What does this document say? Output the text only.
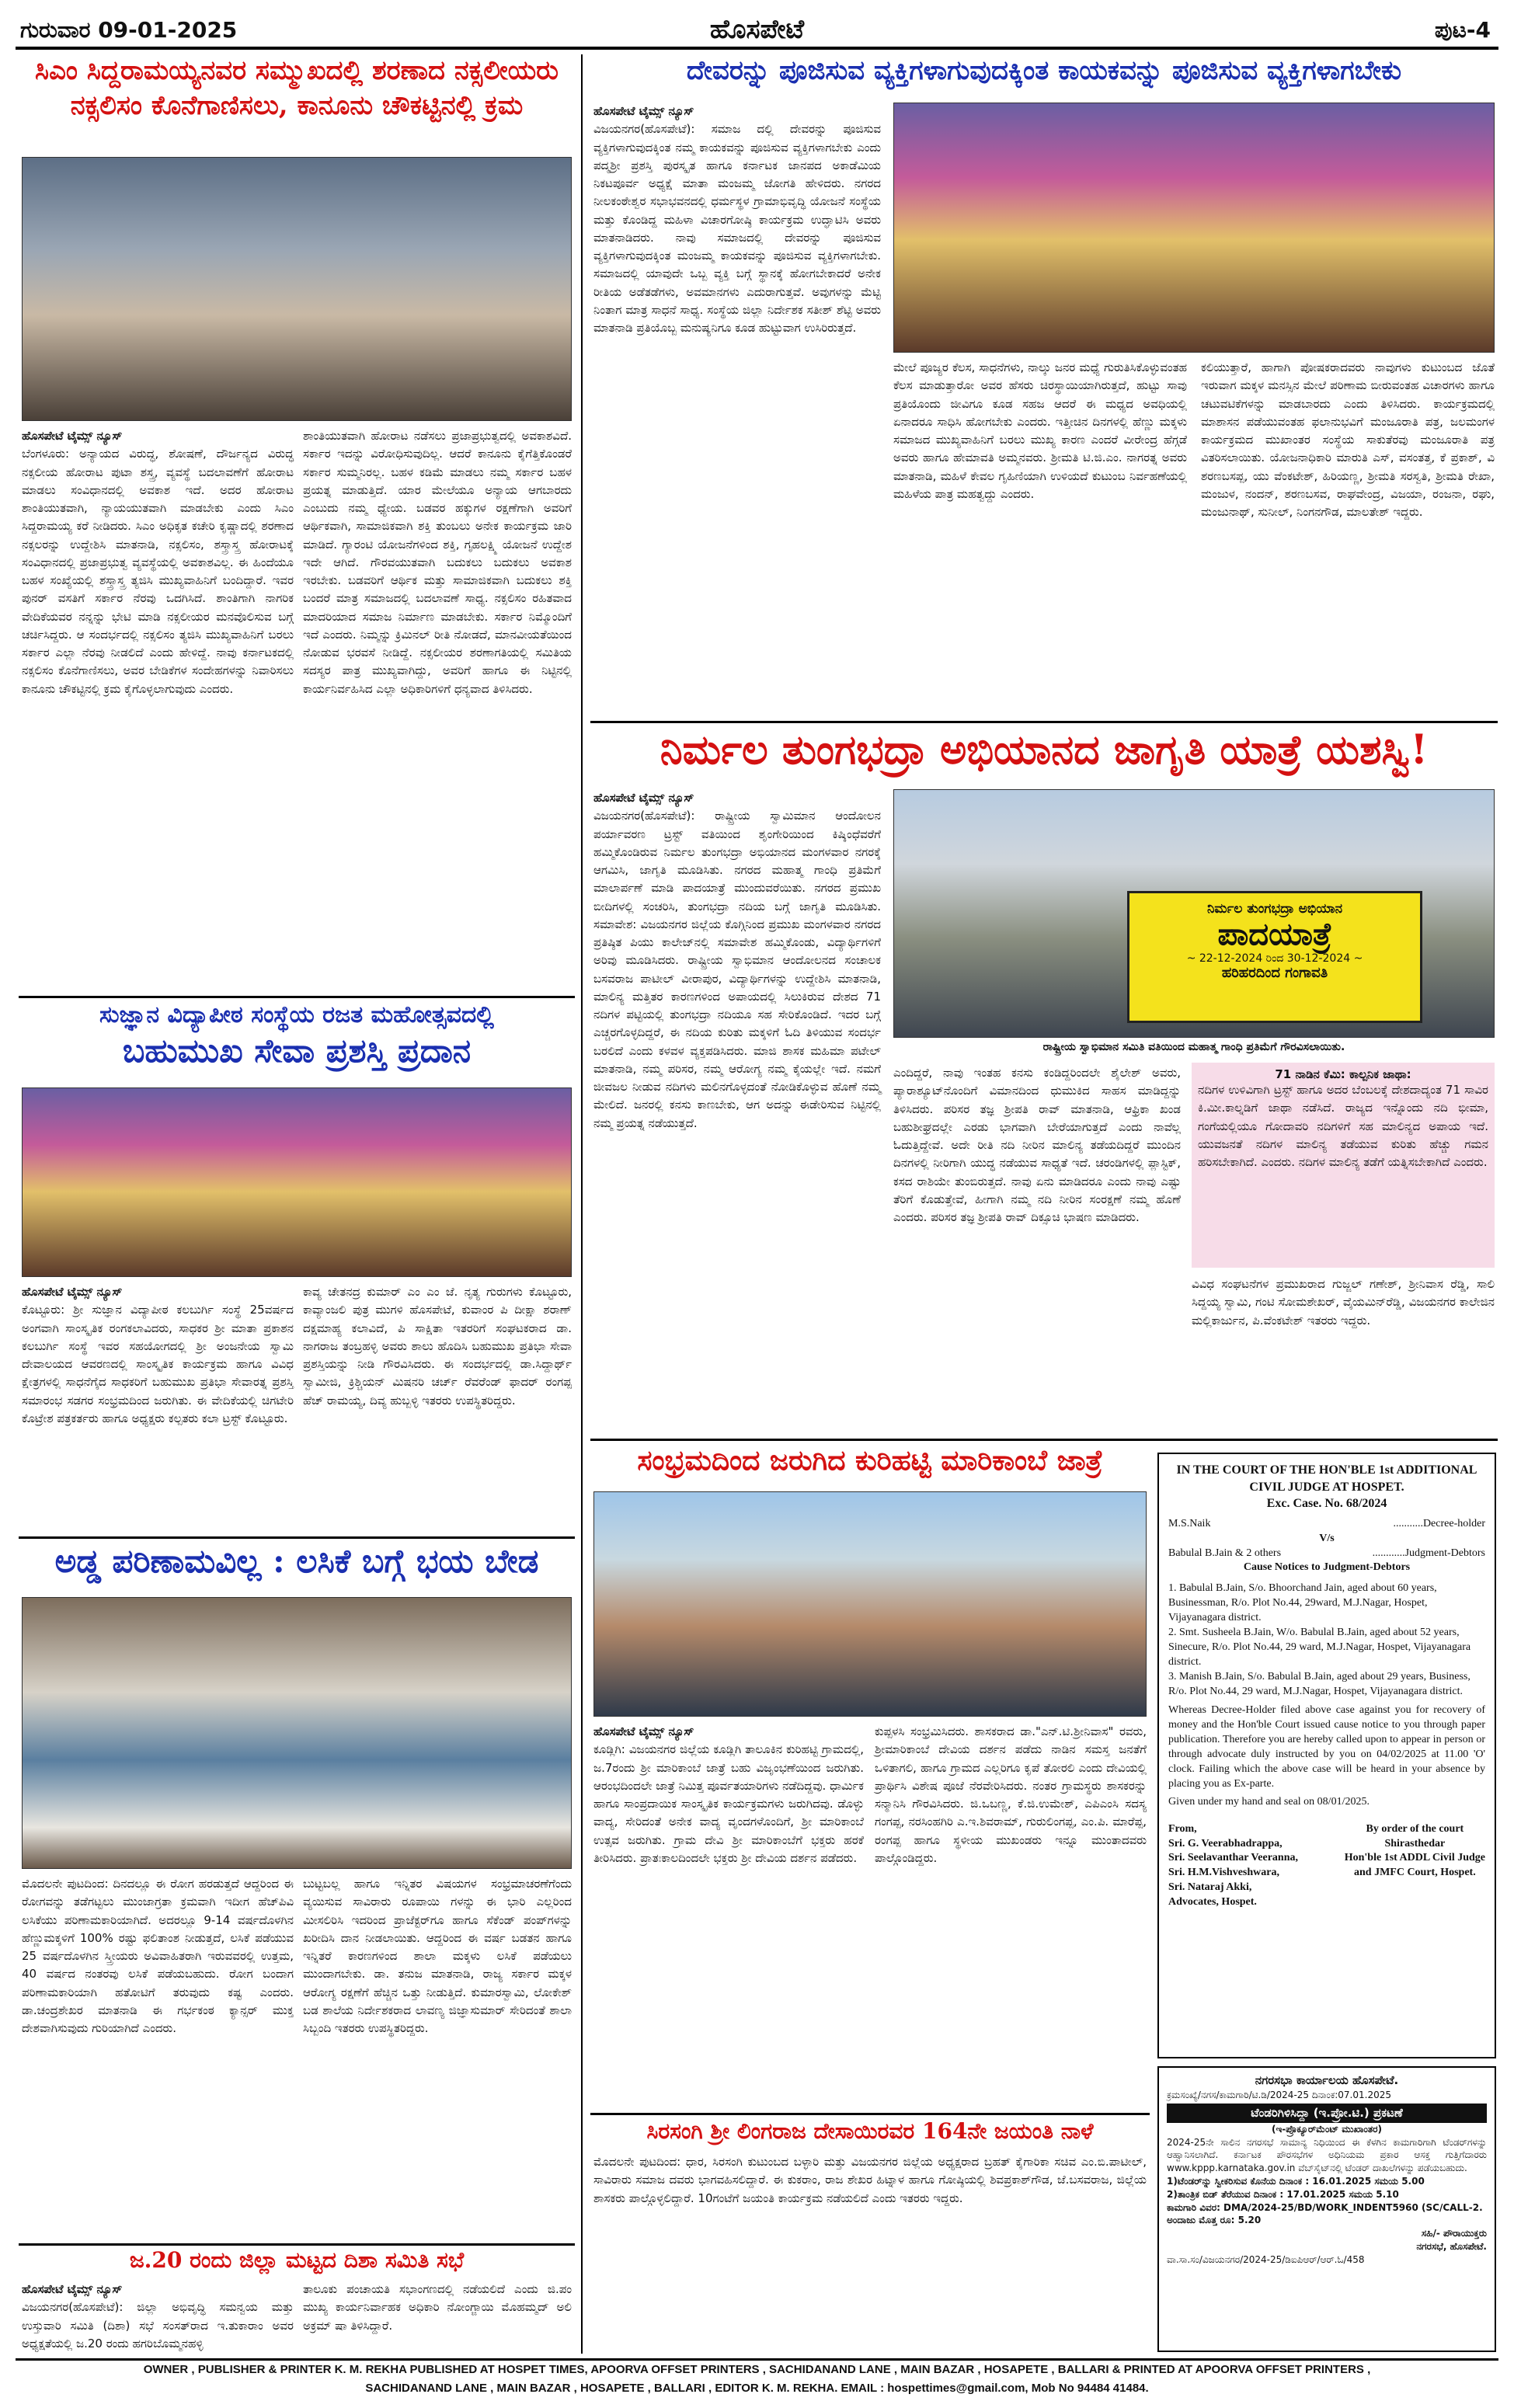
ಗುರುವಾರ 09-01-2025	ಹೊಸಪೇಟೆ	ಪುಟ-4
ಸಿಎಂ ಸಿದ್ದರಾಮಯ್ಯನವರ ಸಮ್ಮುಖದಲ್ಲಿ ಶರಣಾದ ನಕ್ಸಲೀಯರು
ನಕ್ಸಲಿಸಂ ಕೊನೆಗಾಣಿಸಲು, ಕಾನೂನು ಚೌಕಟ್ಟಿನಲ್ಲಿ ಕ್ರಮ
ಹೊಸಪೇಟೆ ಟೈಮ್ಸ್ ನ್ಯೂಸ್

ಬೆಂಗಳೂರು: ಅನ್ಯಾಯದ ವಿರುದ್ಧ, ಶೋಷಣೆ, ದೌರ್ಜನ್ಯದ ವಿರುದ್ಧ ನಕ್ಸಲೀಯ ಹೋರಾಟ ಪುಟಾ ಶಸ್ತ್ರ, ವ್ಯವಸ್ಥೆ ಬದಲಾವಣೆಗೆ ಹೋರಾಟ ಮಾಡಲು ಸಂವಿಧಾನದಲ್ಲಿ ಅವಕಾಶ ಇದೆ. ಅದರ ಹೋರಾಟ ಶಾಂತಿಯುತವಾಗಿ, ನ್ಯಾಯಯುತವಾಗಿ ಮಾಡಬೇಕು ಎಂದು ಸಿಎಂ ಸಿದ್ದರಾಮಯ್ಯ ಕರೆ ನೀಡಿದರು. ಸಿಎಂ ಅಧಿಕೃತ ಕಚೇರಿ ಕೃಷ್ಣಾದಲ್ಲಿ ಶರಣಾದ ನಕ್ಸಲರನ್ನು ಉದ್ದೇಶಿಸಿ ಮಾತನಾಡಿ, ನಕ್ಸಲಿಸಂ, ಶಸ್ತ್ರಾಸ್ತ್ರ ಹೋರಾಟಕ್ಕೆ ಸಂವಿಧಾನದಲ್ಲಿ ಪ್ರಜಾಪ್ರಭುತ್ವ ವ್ಯವಸ್ಥೆಯಲ್ಲಿ ಅವಕಾಶವಿಲ್ಲ. ಈ ಹಿಂದೆಯೂ ಬಹಳ ಸಂಖ್ಯೆಯಲ್ಲಿ ಶಸ್ತ್ರಾಸ್ತ್ರ ತ್ಯಜಿಸಿ ಮುಖ್ಯವಾಹಿನಿಗೆ ಬಂದಿದ್ದಾರೆ. ಇವರ ಪುನರ್ ವಸತಿಗೆ ಸರ್ಕಾರ ನೆರವು ಒದಗಿಸಿದೆ. ಶಾಂತಿಗಾಗಿ ನಾಗರಿಕ ವೇದಿಕೆಯವರ ನನ್ನನ್ನು ಭೇಟಿ ಮಾಡಿ ನಕ್ಸಲೀಯರ ಮನವೊಲಿಸುವ ಬಗ್ಗೆ ಚರ್ಚಿಸಿದ್ದರು. ಆ ಸಂದರ್ಭದಲ್ಲಿ ನಕ್ಸಲಿಸಂ ತ್ಯಜಿಸಿ ಮುಖ್ಯವಾಹಿನಿಗೆ ಬರಲು ಸರ್ಕಾರ ಎಲ್ಲಾ ನೆರವು ನೀಡಲಿದೆ ಎಂದು ಹೇಳಿದ್ದೆ. ನಾವು ಕರ್ನಾಟಕದಲ್ಲಿ ನಕ್ಸಲಿಸಂ ಕೊನೆಗಾಣಿಸಲು, ಅವರ ಬೇಡಿಕೆಗಳ ಸಂದೇಹಗಳನ್ನು ನಿವಾರಿಸಲು ಕಾನೂನು ಚೌಕಟ್ಟಿನಲ್ಲಿ ಕ್ರಮ ಕೈಗೊಳ್ಳಲಾಗುವುದು ಎಂದರು.

ಶಾಂತಿಯುತವಾಗಿ ಹೋರಾಟ ನಡೆಸಲು ಪ್ರಜಾಪ್ರಭುತ್ವದಲ್ಲಿ ಅವಕಾಶವಿದೆ. ಸರ್ಕಾರ ಇದನ್ನು ವಿರೋಧಿಸುವುದಿಲ್ಲ. ಆದರೆ ಕಾನೂನು ಕೈಗೆತ್ತಿಕೊಂಡರೆ ಸರ್ಕಾರ ಸುಮ್ಮನಿರಲ್ಲ. ಬಹಳ ಕಡಿಮೆ ಮಾಡಲು ನಮ್ಮ ಸರ್ಕಾರ ಬಹಳ ಪ್ರಯತ್ನ ಮಾಡುತ್ತಿದೆ. ಯಾರ ಮೇಲೆಯೂ ಅನ್ಯಾಯ ಆಗಬಾರದು ಎಂಬುದು ನಮ್ಮ ಧ್ಯೇಯ. ಬಡವರ ಹಕ್ಕುಗಳ ರಕ್ಷಣೆಗಾಗಿ ಅವರಿಗೆ ಆರ್ಥಿಕವಾಗಿ, ಸಾಮಾಜಿಕವಾಗಿ ಶಕ್ತಿ ತುಂಬಲು ಅನೇಕ ಕಾರ್ಯಕ್ರಮ ಜಾರಿ ಮಾಡಿದೆ. ಗ್ಯಾರಂಟಿ ಯೋಜನೆಗಳಿಂದ ಶಕ್ತಿ, ಗೃಹಲಕ್ಷ್ಮಿ ಯೋಜನೆ ಉದ್ದೇಶ ಇದೇ ಆಗಿದೆ. ಗೌರವಯುತವಾಗಿ ಬದುಕಲು ಬದುಕಲು ಅವಕಾಶ ಇರಬೇಕು. ಬಡವರಿಗೆ ಆರ್ಥಿಕ ಮತ್ತು ಸಾಮಾಜಿಕವಾಗಿ ಬದುಕಲು ಶಕ್ತಿ ಬಂದರೆ ಮಾತ್ರ ಸಮಾಜದಲ್ಲಿ ಬದಲಾವಣೆ ಸಾಧ್ಯ. ನಕ್ಸಲಿಸಂ ರಹಿತವಾದ ಮಾದರಿಯಾದ ಸಮಾಜ ನಿರ್ಮಾಣ ಮಾಡಬೇಕು. ಸರ್ಕಾರ ನಿಮ್ಮೊಂದಿಗೆ ಇದೆ ಎಂದರು. ನಿಮ್ಮನ್ನು ಕ್ರಿಮಿನಲ್ ರೀತಿ ನೋಡದೆ, ಮಾನವೀಯತೆಯಿಂದ ನೋಡುವ ಭರವಸೆ ನೀಡಿದ್ದೆ. ನಕ್ಸಲೀಯರ ಶರಣಾಗತಿಯಲ್ಲಿ ಸಮಿತಿಯ ಸದಸ್ಯರ ಪಾತ್ರ ಮುಖ್ಯವಾಗಿದ್ದು, ಅವರಿಗೆ ಹಾಗೂ ಈ ನಿಟ್ಟಿನಲ್ಲಿ ಕಾರ್ಯನಿರ್ವಹಿಸಿದ ಎಲ್ಲಾ ಅಧಿಕಾರಿಗಳಿಗೆ ಧನ್ಯವಾದ ತಿಳಿಸಿದರು.

ಸುಜ್ಞಾನ ವಿದ್ಯಾಪೀಠ ಸಂಸ್ಥೆಯ ರಜತ ಮಹೋತ್ಸವದಲ್ಲಿ
ಬಹುಮುಖ ಸೇವಾ ಪ್ರಶಸ್ತಿ ಪ್ರದಾನ
ಹೊಸಪೇಟೆ ಟೈಮ್ಸ್ ನ್ಯೂಸ್

ಕೊಟ್ಟೂರು: ಶ್ರೀ ಸುಜ್ಞಾನ ವಿದ್ಯಾಪೀಠ ಕಲಬುರ್ಗಿ ಸಂಸ್ಥೆ 25ವರ್ಷದ ಅಂಗವಾಗಿ ಸಾಂಸ್ಕೃತಿಕ ರಂಗಕಲಾವಿದರು, ಸಾಧಕರ ಶ್ರೀ ಮಾತಾ ಪ್ರಕಾಶನ ಕಲಬುರ್ಗಿ ಸಂಸ್ಥೆ ಇವರ ಸಹಯೋಗದಲ್ಲಿ ಶ್ರೀ ಅಂಜನೇಯ ಸ್ವಾಮಿ ದೇವಾಲಯದ ಆವರಣದಲ್ಲಿ ಸಾಂಸ್ಕೃತಿಕ ಕಾರ್ಯಕ್ರಮ ಹಾಗೂ ವಿವಿಧ ಕ್ಷೇತ್ರಗಳಲ್ಲಿ ಸಾಧನೆಗೈದ ಸಾಧಕರಿಗೆ ಬಹುಮುಖ ಪ್ರತಿಭಾ ಸೇವಾರತ್ನ ಪ್ರಶಸ್ತಿ ಸಮಾರಂಭ ಸಡಗರ ಸಂಭ್ರಮದಿಂದ ಜರುಗಿತು. ಈ ವೇದಿಕೆಯಲ್ಲಿ ಚಿಗಟೇರಿ ಕೊಟ್ರೇಶ ಪತ್ರಕರ್ತರು ಹಾಗೂ ಅಧ್ಯಕ್ಷರು ಕಲ್ಪತರು ಕಲಾ ಟ್ರಸ್ಟ್ ಕೊಟ್ಟೂರು.

ಕಾವ್ಯ ಚೇತನದ್ರ ಕುಮಾರ್ ಎಂ ಎಂ ಜೆ. ನೃತ್ಯ ಗುರುಗಳು ಕೊಟ್ಟೂರು, ಕಾವ್ಯಾಂಜಲಿ ಪುತ್ರ ಮುಗಳಿ ಹೊಸಪೇಟೆ, ಕುವಾಂರ ಪಿ ದೀಕ್ಷಾ ಶರಾಣ್ ದಕ್ಷಮಾಹ್ಯ ಕಲಾವಿದೆ, ಪಿ ಸಾಕ್ಷಿತಾ ಇತರರಿಗೆ ಸಂಘಟಕರಾದ ಡಾ. ನಾಗರಾಜ ತಂಬ್ರಹಳ್ಳಿ ಅವರು ಶಾಲು ಹೊದಿಸಿ ಬಹುಮುಖ ಪ್ರತಿಭಾ ಸೇವಾ ಪ್ರಶಸ್ತಿಯನ್ನು ನೀಡಿ ಗೌರವಿಸಿದರು. ಈ ಸಂದರ್ಭದಲ್ಲಿ ಡಾ.ಸಿದ್ದಾರ್ಥ್ ಸ್ವಾಮೀಜಿ, ಕ್ರಿಶ್ಚಿಯನ್ ಮಿಷನರಿ ಚರ್ಚ್ ರೆವರೆಂಡ್ ಫಾದರ್ ರಂಗಪ್ಪ ಹೆಚ್ ರಾಮಯ್ಯ, ದಿವ್ಯ ಹುಬ್ಬಳ್ಳಿ ಇತರರು ಉಪಸ್ಥಿತರಿದ್ದರು.

ಅಡ್ಡ ಪರಿಣಾಮವಿಲ್ಲ : ಲಸಿಕೆ ಬಗ್ಗೆ ಭಯ ಬೇಡ

ಮೊದಲನೇ ಪುಟದಿಂದ: ದಿನದಲ್ಲೂ ಈ ರೋಗ ಹರಡುತ್ತದೆ ಆದ್ದರಿಂದ ಈ ರೋಗವನ್ನು ತಡೆಗಟ್ಟಲು ಮುಂಜಾಗ್ರತಾ ಕ್ರಮವಾಗಿ ಇದೀಗ ಹೆಚ್‌ಪಿವಿ ಲಸಿಕೆಯು ಪರಿಣಾಮಕಾರಿಯಾಗಿದೆ. ಅದರಲ್ಲೂ 9-14 ವರ್ಷದೊಳಗಿನ ಹೆಣ್ಣುಮಕ್ಕಳಿಗೆ 100% ರಷ್ಟು ಫಲಿತಾಂಶ ನೀಡುತ್ತದೆ, ಲಸಿಕೆ ಪಡೆಯುವ 25 ವರ್ಷದೊಳಗಿನ ಸ್ತ್ರೀಯರು ಅವಿವಾಹಿತರಾಗಿ ಇರುವವರಲ್ಲಿ ಉತ್ತಮ, 40 ವರ್ಷದ ನಂತರವು ಲಸಿಕೆ ಪಡೆಯಬಹುದು. ರೋಗ ಬಂದಾಗ ಪರಿಣಾಮಕಾರಿಯಾಗಿ ಹತೋಟಿಗೆ ತರುವುದು ಕಷ್ಟ ಎಂದರು. ಡಾ.ಚಂದ್ರಶೇಖರ ಮಾತನಾಡಿ ಈ ಗರ್ಭಕಂಠ ಕ್ಯಾನ್ಸರ್ ಮುಕ್ತ ದೇಶವಾಗಿಸುವುದು ಗುರಿಯಾಗಿದೆ ಎಂದರು.

ಬುಟ್ಟಬಲ್ಲ ಹಾಗೂ ಇನ್ನಿತರ ವಿಷಯಗಳ ಸಂಭ್ರಮಾಚರಣೆಗೆಂದು ವ್ಯಯಿಸುವ ಸಾವಿರಾರು ರೂಪಾಯಿ ಗಳನ್ನು ಈ ಭಾರಿ ಎಲ್ಲರಿಂದ ಮೀಸಲಿರಿಸಿ ಇದರಿಂದ ಪ್ರಾಜೆಕ್ಟರ್‌ಗೂ ಹಾಗೂ ಸೆಕೆಂಡ್ ಪಂಪ್‌ಗಳನ್ನು ಖರೀದಿಸಿ ದಾನ ನೀಡಲಾಯಿತು. ಆದ್ದರಿಂದ ಈ ವರ್ಷ ಬಡತನ ಹಾಗೂ ಇನ್ನಿತರೆ ಕಾರಣಗಳಿಂದ ಶಾಲಾ ಮಕ್ಕಳು ಲಸಿಕೆ ಪಡೆಯಲು ಮುಂದಾಗಬೇಕು. ಡಾ. ತನುಜ ಮಾತನಾಡಿ, ರಾಜ್ಯ ಸರ್ಕಾರ ಮಕ್ಕಳ ಆರೋಗ್ಯ ರಕ್ಷಣೆಗೆ ಹೆಚ್ಚಿನ ಒತ್ತು ನೀಡುತ್ತಿದೆ. ಕುಮಾರಸ್ವಾಮಿ, ಲೋಕೇಶ್ ಬಡ ಶಾಲೆಯ ನಿರ್ದೇಶಕರಾದ ಲಾವಣ್ಯ ಜಿಜ್ಞಾಸುಮಾರ್ ಸೇರಿದಂತೆ ಶಾಲಾ ಸಿಬ್ಬಂದಿ ಇತರರು ಉಪಸ್ಥಿತರಿದ್ದರು.

ಜ.20 ರಂದು ಜಿಲ್ಲಾ ಮಟ್ಟದ ದಿಶಾ ಸಮಿತಿ ಸಭೆ
ಹೊಸಪೇಟೆ ಟೈಮ್ಸ್ ನ್ಯೂಸ್

ವಿಜಯನಗರ(ಹೊಸಪೇಟೆ): ಜಿಲ್ಲಾ ಅಭಿವೃದ್ಧಿ ಸಮನ್ವಯ ಮತ್ತು ಉಸ್ತುವಾರಿ ಸಮಿತಿ (ದಿಶಾ) ಸಭೆ ಸಂಸತ್‌ರಾದ ಇ.ತುಕಾರಾಂ ಅವರ ಅಧ್ಯಕ್ಷತೆಯಲ್ಲಿ ಜ.20 ರಂದು ಹಗರಿಬೊಮ್ಮನಹಳ್ಳಿ

ತಾಲೂಕು ಪಂಚಾಯತಿ ಸಭಾಂಗಣದಲ್ಲಿ ನಡೆಯಲಿದೆ ಎಂದು ಜಿ.ಪಂ ಮುಖ್ಯ ಕಾರ್ಯನಿರ್ವಾಹಕ ಅಧಿಕಾರಿ ನೋಂಗ್ಜಾಯಿ ಮೊಹಮ್ಮದ್ ಅಲಿ ಅಕ್ರಮ್ ಷಾ ತಿಳಿಸಿದ್ದಾರೆ.

ದೇವರನ್ನು ಪೂಜಿಸುವ ವ್ಯಕ್ತಿಗಳಾಗುವುದಕ್ಕಿಂತ ಕಾಯಕವನ್ನು ಪೂಜಿಸುವ ವ್ಯಕ್ತಿಗಳಾಗಬೇಕು
ಹೊಸಪೇಟೆ ಟೈಮ್ಸ್ ನ್ಯೂಸ್

ವಿಜಯನಗರ(ಹೊಸಪೇಟೆ): ಸಮಾಜ ದಲ್ಲಿ ದೇವರನ್ನು ಪೂಜಿಸುವ ವ್ಯಕ್ತಿಗಳಾಗುವುದಕ್ಕಿಂತ ನಮ್ಮ ಕಾಯಕವನ್ನು ಪೂಜಿಸುವ ವ್ಯಕ್ತಿಗಳಾಗಬೇಕು ಎಂದು ಪದ್ಮಶ್ರೀ ಪ್ರಶಸ್ತಿ ಪುರಸ್ಕೃತ ಹಾಗೂ ಕರ್ನಾಟಕ ಜಾನಪದ ಅಕಾಡೆಮಿಯ ನಿಕಟಪೂರ್ವ ಅಧ್ಯಕ್ಷೆ ಮಾತಾ ಮಂಜಮ್ಮ ಜೋಗತಿ ಹೇಳಿದರು. ನಗರದ ನೀಲಕಂಠೇಶ್ವರ ಸಭಾಭವನದಲ್ಲಿ ಧರ್ಮಸ್ಥಳ ಗ್ರಾಮಾಭಿವೃದ್ಧಿ ಯೋಜನೆ ಸಂಸ್ಥೆಯ ಮತ್ತು ಕೊಂಡಿದ್ದ ಮಹಿಳಾ ವಿಚಾರಗೋಷ್ಠಿ ಕಾರ್ಯಕ್ರಮ ಉದ್ಘಾಟಿಸಿ ಅವರು ಮಾತನಾಡಿದರು. ನಾವು ಸಮಾಜದಲ್ಲಿ ದೇವರನ್ನು ಪೂಜಿಸುವ ವ್ಯಕ್ತಿಗಳಾಗುವುದಕ್ಕಿಂತ ಮಂಜಮ್ಮ ಕಾಯಕವನ್ನು ಪೂಜಿಸುವ ವ್ಯಕ್ತಿಗಳಾಗಬೇಕು. ಸಮಾಜದಲ್ಲಿ ಯಾವುದೇ ಒಬ್ಬ ವ್ಯಕ್ತಿ ಬಗ್ಗೆ ಸ್ಥಾನಕ್ಕೆ ಹೋಗಬೇಕಾದರೆ ಅನೇಕ ರೀತಿಯ ಅಡೆತಡೆಗಳು, ಅವಮಾನಗಳು ಎದುರಾಗುತ್ತವೆ. ಅವುಗಳನ್ನು ಮೆಟ್ಟಿ ನಿಂತಾಗ ಮಾತ್ರ ಸಾಧನೆ ಸಾಧ್ಯ. ಸಂಸ್ಥೆಯ ಜಿಲ್ಲಾ ನಿರ್ದೇಶಕ ಸತೀಶ್ ಶೆಟ್ಟಿ ಅವರು ಮಾತನಾಡಿ ಪ್ರತಿಯೊಬ್ಬ ಮನುಷ್ಯನಿಗೂ ಕೂಡ ಹುಟ್ಟುವಾಗ ಉಸಿರಿರುತ್ತದೆ.

ಮೇಲೆ ಪೂಜ್ಯರ ಕೆಲಸ, ಸಾಧನೆಗಳು, ನಾಲ್ಕು ಜನರ ಮಧ್ಯೆ ಗುರುತಿಸಿಕೊಳ್ಳುವಂತಹ ಕೆಲಸ ಮಾಡುತ್ತಾರೋ ಅವರ ಹೆಸರು ಚಿರಸ್ಥಾಯಿಯಾಗಿರುತ್ತದೆ, ಹುಟ್ಟು ಸಾವು ಪ್ರತಿಯೊಂದು ಜೀವಿಗೂ ಕೂಡ ಸಹಜ ಆದರೆ ಈ ಮಧ್ಯದ ಅವಧಿಯಲ್ಲಿ ಏನಾದರೂ ಸಾಧಿಸಿ ಹೋಗಬೇಕು ಎಂದರು. ಇತ್ತೀಚಿನ ದಿನಗಳಲ್ಲಿ ಹೆಣ್ಣು ಮಕ್ಕಳು ಸಮಾಜದ ಮುಖ್ಯವಾಹಿನಿಗೆ ಬರಲು ಮುಖ್ಯ ಕಾರಣ ಎಂದರೆ ವೀರೇಂದ್ರ ಹೆಗ್ಗಡೆ ಅವರು ಹಾಗೂ ಹೇಮಾವತಿ ಅಮ್ಮನವರು. ಶ್ರೀಮತಿ ಟಿ.ಜಿ.ಎಂ. ನಾಗರತ್ನ ಅವರು ಮಾತನಾಡಿ, ಮಹಿಳೆ ಕೇವಲ ಗೃಹಿಣಿಯಾಗಿ ಉಳಿಯದೆ ಕುಟುಂಬ ನಿರ್ವಹಣೆಯಲ್ಲಿ ಮಹಿಳೆಯ ಪಾತ್ರ ಮಹತ್ವದ್ದು ಎಂದರು.

ಕಲಿಯುತ್ತಾರೆ, ಹಾಗಾಗಿ ಪೋಷಕರಾದವರು ನಾವುಗಳು ಕುಟುಂಬದ ಜೊತೆ ಇರುವಾಗ ಮಕ್ಕಳ ಮನಸ್ಸಿನ ಮೇಲೆ ಪರಿಣಾಮ ಬೀರುವಂತಹ ವಿಚಾರಗಳು ಹಾಗೂ ಚಟುವಟಿಕೆಗಳನ್ನು ಮಾಡಬಾರದು ಎಂದು ತಿಳಿಸಿದರು. ಕಾರ್ಯಕ್ರಮದಲ್ಲಿ ಮಾಶಾಸನ ಪಡೆಯುವಂತಹ ಫಲಾನುಭವಿಗೆ ಮಂಜೂರಾತಿ ಪತ್ರ, ಜಲಮಂಗಳ ಕಾರ್ಯಕ್ರಮದ ಮುಖಾಂತರ ಸಂಸ್ಥೆಯ ಸಾಕುತೆರವು ಮಂಜೂರಾತಿ ಪತ್ರ ವಿತರಿಸಲಾಯಿತು. ಯೋಜನಾಧಿಕಾರಿ ಮಾರುತಿ ಎಸ್, ವಸಂತತ್ತ, ಕೆ ಪ್ರಕಾಶ್, ವಿ ಶರಣಬಸಪ್ಪ, ಯು ವೆಂಕಟೇಶ್, ಹಿರಿಯಣ್ಣ, ಶ್ರೀಮತಿ ಸರಸ್ವತಿ, ಶ್ರೀಮತಿ ರೇಖಾ, ಮಂಜುಳ, ನಂದನ್, ಶರಣಬಸವ, ರಾಘವೇಂದ್ರ, ವಿಜಯಾ, ರಂಜನಾ, ರಘು, ಮಂಜುನಾಥ್, ಸುನೀಲ್, ನಿಂಗನಗೌಡ, ಮಾಲತೇಶ್ ಇದ್ದರು.

ನಿರ್ಮಲ ತುಂಗಭದ್ರಾ ಅಭಿಯಾನದ ಜಾಗೃತಿ ಯಾತ್ರೆ ಯಶಸ್ವಿ!
ಹೊಸಪೇಟೆ ಟೈಮ್ಸ್ ನ್ಯೂಸ್

ವಿಜಯನಗರ(ಹೊಸಪೇಟೆ): ರಾಷ್ಟ್ರೀಯ ಸ್ವಾಮಿಮಾನ ಆಂದೋಲನ ಪರ್ಯಾವರಣ ಟ್ರಸ್ಟ್ ವತಿಯಿಂದ ಶೃಂಗೇರಿಯಿಂದ ಕಿಷ್ಕಿಂಧೆವರೆಗೆ ಹಮ್ಮಿಕೊಂಡಿರುವ ನಿರ್ಮಲ ತುಂಗಭದ್ರಾ ಅಭಿಯಾನದ ಮಂಗಳವಾರ ನಗರಕ್ಕೆ ಆಗಮಿಸಿ, ಜಾಗೃತಿ ಮೂಡಿಸಿತು. ನಗರದ ಮಹಾತ್ಮ ಗಾಂಧಿ ಪ್ರತಿಮೆಗೆ ಮಾಲಾರ್ಪಣೆ ಮಾಡಿ ಪಾದಯಾತ್ರೆ ಮುಂದುವರೆಯಿತು. ನಗರದ ಪ್ರಮುಖ ಬೀದಿಗಳಲ್ಲಿ ಸಂಚರಿಸಿ, ತುಂಗಭದ್ರಾ ನದಿಯ ಬಗ್ಗೆ ಜಾಗೃತಿ ಮೂಡಿಸಿತು. ಸಮಾವೇಶ: ವಿಜಯನಗರ ಜಿಲ್ಲೆಯ ಕೊಗ್ಗಿನಿಂದ ಪ್ರಮುಖ ಮಂಗಳವಾರ ನಗರದ ಪ್ರತಿಷ್ಠಿತ ಪಿಯು ಕಾಲೇಜ್‌ನಲ್ಲಿ ಸಮಾವೇಶ ಹಮ್ಮಿಕೊಂಡು, ವಿದ್ಯಾರ್ಥಿಗಳಿಗೆ ಅರಿವು ಮೂಡಿಸಿದರು. ರಾಷ್ಟ್ರೀಯ ಸ್ವಾಭಿಮಾನ ಆಂದೋಲನದ ಸಂಚಾಲಕ ಬಸವರಾಜ ಪಾಟೀಲ್ ವೀರಾಪುರ, ವಿದ್ಯಾರ್ಥಿಗಳನ್ನು ಉದ್ದೇಶಿಸಿ ಮಾತನಾಡಿ, ಮಾಲಿನ್ಯ ಮತ್ತಿತರ ಕಾರಣಗಳಿಂದ ಅಪಾಯದಲ್ಲಿ ಸಿಲುಕಿರುವ ದೇಶದ 71 ನದಿಗಳ ಪಟ್ಟಿಯಲ್ಲಿ ತುಂಗಭದ್ರಾ ನದಿಯೂ ಸಹ ಸೇರಿಕೊಂಡಿದೆ. ಇದರ ಬಗ್ಗೆ ಎಚ್ಚರಗೊಳ್ಳದಿದ್ದರೆ, ಈ ನದಿಯ ಕುರಿತು ಮಕ್ಕಳಿಗೆ ಓದಿ ತಿಳಿಯುವ ಸಂದರ್ಭ ಬರಲಿದೆ ಎಂದು ಕಳವಳ ವ್ಯಕ್ತಪಡಿಸಿದರು. ಮಾಜಿ ಶಾಸಕ ಮಹಿಮಾ ಪಟೇಲ್ ಮಾತನಾಡಿ, ನಮ್ಮ ಪರಿಸರ, ನಮ್ಮ ಆರೋಗ್ಯ ನಮ್ಮ ಕೈಯಲ್ಲೇ ಇದೆ. ನಮಗೆ ಜೀವಜಲ ನೀಡುವ ನದಿಗಳು ಮಲಿನಗೊಳ್ಳದಂತೆ ನೋಡಿಕೊಳ್ಳುವ ಹೊಣೆ ನಮ್ಮ ಮೇಲಿದೆ. ಜನರಲ್ಲಿ ಕನಸು ಕಾಣಬೇಕು, ಆಗ ಅದನ್ನು ಈಡೇರಿಸುವ ನಿಟ್ಟಿನಲ್ಲಿ ನಮ್ಮ ಪ್ರಯತ್ನ ನಡೆಯುತ್ತದೆ.

ನಿರ್ಮಲ ತುಂಗಭದ್ರಾ ಅಭಿಯಾನ
ಪಾದಯಾತ್ರೆ
~ 22-12-2024 ರಿಂದ 30-12-2024 ~
ಹರಿಹರದಿಂದ ಗಂಗಾವತಿ
ರಾಷ್ಟ್ರೀಯ ಸ್ವಾಭಿಮಾನ ಸಮಿತಿ ವತಿಯಿಂದ ಮಹಾತ್ಮ ಗಾಂಧಿ ಪ್ರತಿಮೆಗೆ ಗೌರವಿಸಲಾಯಿತು.

ಎಂದಿದ್ದರೆ, ನಾವು ಇಂತಹ ಕನಸು ಕಂಡಿದ್ದರಿಂದಲೇ ಶೈಲೇಶ್ ಅವರು, ಪ್ಯಾರಾಶ್ಯೂಟ್‌ನೊಂದಿಗೆ ವಿಮಾನದಿಂದ ಧುಮುಕಿದ ಸಾಹಸ ಮಾಡಿದ್ದನ್ನು ತಿಳಿಸಿದರು. ಪರಿಸರ ತಜ್ಞ ಶ್ರೀಪತಿ ರಾವ್ ಮಾತನಾಡಿ, ಆಫ್ರಿಕಾ ಖಂಡ ಬಹುಶೀಘ್ರದಲ್ಲೇ ಎರಡು ಭಾಗವಾಗಿ ಬೇರೆಯಾಗುತ್ತದೆ ಎಂದು ನಾವೆಲ್ಲ ಓದುತ್ತಿದ್ದೇವೆ. ಅದೇ ರೀತಿ ನದಿ ನೀರಿನ ಮಾಲಿನ್ಯ ತಡೆಯದಿದ್ದರೆ ಮುಂದಿನ ದಿನಗಳಲ್ಲಿ ನೀರಿಗಾಗಿ ಯುದ್ಧ ನಡೆಯುವ ಸಾಧ್ಯತೆ ಇದೆ. ಚರಂಡಿಗಳಲ್ಲಿ ಪ್ಲಾಸ್ಟಿಕ್, ಕಸದ ರಾಶಿಯೇ ತುಂಬಿರುತ್ತದೆ. ನಾವು ಏನು ಮಾಡಿದರೂ ಎಂದು ನಾವು ಎಷ್ಟು ತೆರಿಗೆ ಕೊಡುತ್ತೇವೆ, ಹೀಗಾಗಿ ನಮ್ಮ ನದಿ ನೀರಿನ ಸಂರಕ್ಷಣೆ ನಮ್ಮ ಹೊಣೆ ಎಂದರು. ಪರಿಸರ ತಜ್ಞ ಶ್ರೀಪತಿ ರಾವ್ ದಿಕ್ಸೂಚಿ ಭಾಷಣ ಮಾಡಿದರು.

71 ನಾಡಿನ ಕೆಮಿ: ಕಾಲ್ಪನಿಕ ಜಾಥಾ:
ನದಿಗಳ ಉಳಿವಿಗಾಗಿ ಟ್ರಸ್ಟ್ ಹಾಗೂ ಅದರ ಬೆಂಬಲಕ್ಕೆ ದೇಶದಾದ್ಯಂತ 71 ಸಾವಿರ ಕಿ.ಮೀ.ಕಾಲ್ನಡಿಗೆ ಜಾಥಾ ನಡೆಸಿದೆ. ರಾಜ್ಯದ ಇನ್ನೊಂದು ನದಿ ಭೀಮಾ, ಗಂಗೆಯಲ್ಲಿಯೂ ಗೋದಾವರಿ ನದಿಗಳಿಗೆ ಸಹ ಮಾಲಿನ್ಯದ ಅಪಾಯ ಇದೆ. ಯುವಜನತೆ ನದಿಗಳ ಮಾಲಿನ್ಯ ತಡೆಯುವ ಕುರಿತು ಹೆಚ್ಚು ಗಮನ ಹರಿಸಬೇಕಾಗಿದೆ. ಎಂದರು. ನದಿಗಳ ಮಾಲಿನ್ಯ ತಡೆಗೆ ಯತ್ನಿಸಬೇಕಾಗಿದೆ ಎಂದರು.

ವಿವಿಧ ಸಂಘಟನೆಗಳ ಪ್ರಮುಖರಾದ ಗುಜ್ಜಲ್ ಗಣೇಶ್, ಶ್ರೀನಿವಾಸ ರೆಡ್ಡಿ, ಸಾಲಿ ಸಿದ್ದಯ್ಯ ಸ್ವಾಮಿ, ಗಂಟಿ ಸೋಮಶೇಖರ್, ವೈಯಮಿನ್‌ರೆಡ್ಡಿ, ವಿಜಯನಗರ ಕಾಲೇಜಿನ ಮಲ್ಲಿಕಾರ್ಜುನ, ಪಿ.ವೆಂಕಟೇಶ್ ಇತರರು ಇದ್ದರು.

ಸಂಭ್ರಮದಿಂದ ಜರುಗಿದ ಕುರಿಹಟ್ಟಿ ಮಾರಿಕಾಂಬೆ ಜಾತ್ರೆ
ಹೊಸಪೇಟೆ ಟೈಮ್ಸ್ ನ್ಯೂಸ್

ಕೂಡ್ಲಿಗಿ: ವಿಜಯನಗರ ಜಿಲ್ಲೆಯ ಕೂಡ್ಲಿಗಿ ತಾಲೂಕಿನ ಕುರಿಹಟ್ಟಿ ಗ್ರಾಮದಲ್ಲಿ, ಜ.7ರಂದು ಶ್ರೀ ಮಾರಿಕಾಂಬೆ ಜಾತ್ರೆ ಬಹು ವಿಜೃಂಭಣೆಯಿಂದ ಜರುಗಿತು. ಆರಂಭದಿಂದಲೇ ಜಾತ್ರೆ ನಿಮಿತ್ತ ಪೂರ್ವತಯಾರಿಗಳು ನಡೆದಿದ್ದವು. ಧಾರ್ಮಿಕ ಹಾಗೂ ಸಾಂಪ್ರದಾಯಿಕ ಸಾಂಸ್ಕೃತಿಕ ಕಾರ್ಯಕ್ರಮಗಳು ಜರುಗಿದವು. ಡೊಳ್ಳು ವಾದ್ಯ, ಸೇರಿದಂತೆ ಅನೇಕ ವಾದ್ಯ ವೃಂದಗಳೊಂದಿಗೆ, ಶ್ರೀ ಮಾರಿಕಾಂಬೆ ಉತ್ಸವ ಜರುಗಿತು. ಗ್ರಾಮ ದೇವಿ ಶ್ರೀ ಮಾರಿಕಾಂಬೆಗೆ ಭಕ್ತರು ಹರಕೆ ತೀರಿಸಿದರು. ಪ್ರಾತಃಕಾಲದಿಂದಲೇ ಭಕ್ತರು ಶ್ರೀ ದೇವಿಯ ದರ್ಶನ ಪಡೆದರು.

ಕುಪ್ಪಳಸಿ ಸಂಭ್ರಮಿಸಿದರು. ಶಾಸಕರಾದ ಡಾ."ಎನ್.ಟಿ.ಶ್ರೀನಿವಾಸ" ರವರು, ಶ್ರೀಮಾರಿಕಾಂಬೆ ದೇವಿಯ ದರ್ಶನ ಪಡೆದು ನಾಡಿನ ಸಮಸ್ತ ಜನತೆಗೆ ಒಳಿತಾಗಲಿ, ಹಾಗೂ ಗ್ರಾಮದ ಎಲ್ಲರಿಗೂ ಕೃಪೆ ತೋರಲಿ ಎಂದು ದೇವಿಯಲ್ಲಿ ಪ್ರಾರ್ಥಿಸಿ ವಿಶೇಷ ಪೂಜೆ ನೆರವೇರಿಸಿದರು. ನಂತರ ಗ್ರಾಮಸ್ಥರು ಶಾಸಕರನ್ನು ಸನ್ಮಾನಿಸಿ ಗೌರವಿಸಿದರು. ಜಿ.ಒಬಣ್ಣ, ಕೆ.ಜಿ.ಉಮೇಶ್, ಎಪಿಎಂಸಿ ಸದಸ್ಯ ಗಂಗಪ್ಪ, ನರಸಿಂಹಗಿರಿ ಎ.ಇ.ಶಿವರಾಮ್, ಗುರುಲಿಂಗಪ್ಪ, ಎಂ.ಪಿ. ಮಾರೆಪ್ಪ, ರಂಗಪ್ಪ ಹಾಗೂ ಸ್ಥಳೀಯ ಮುಖಂಡರು ಇನ್ನೂ ಮುಂತಾದವರು ಪಾಲ್ಗೊಂಡಿದ್ದರು.

ಸಿರಸಂಗಿ ಶ್ರೀ ಲಿಂಗರಾಜ ದೇಸಾಯಿರವರ 164ನೇ ಜಯಂತಿ ನಾಳೆ

ಮೊದಲನೇ ಪುಟದಿಂದ: ಧಾರ, ಸಿರಸಂಗಿ ಕುಟುಂಬದ ಬಳ್ಳಾರಿ ಮತ್ತು ವಿಜಯನಗರ ಜಿಲ್ಲೆಯ ಅಧ್ಯಕ್ಷರಾದ ಬ್ರಹತ್ ಕೈಗಾರಿಕಾ ಸಚಿವ ಎಂ.ಬಿ.ಪಾಟೀಲ್, ಸಾವಿರಾರು ಸಮಾಜ ದವರು ಭಾಗವಹಿಸಲಿದ್ದಾರೆ. ಈ ಕುಕರಾಂ, ರಾಜ ಶೇಖರ ಹಿಟ್ನಾಳ ಹಾಗೂ ಗೋಷ್ಠಿಯಲ್ಲಿ ಶಿವಪ್ರಕಾಶ್‌ಗೌಡ, ಜೆ.ಬಸವರಾಜ, ಜಿಲ್ಲೆಯ ಶಾಸಕರು ಪಾಲ್ಗೊಳ್ಳಲಿದ್ದಾರೆ. 10ಗಂಟೆಗೆ ಜಯಂತಿ ಕಾರ್ಯಕ್ರಮ ನಡೆಯಲಿದೆ ಎಂದು ಇತರರು ಇದ್ದರು.

IN THE COURT OF THE HON'BLE 1st ADDITIONAL
CIVIL JUDGE AT HOSPET.
Exc. Case. No. 68/2024
M.S.Naik	...........Decree-holder
V/s
Babulal B.Jain & 2 others	............Judgment-Debtors
Cause Notices to Judgment-Debtors
1. Babulal B.Jain, S/o. Bhoorchand Jain, aged about 60 years, Businessman, R/o. Plot No.44, 29ward, M.J.Nagar, Hospet, Vijayanagara district.
2. Smt. Susheela B.Jain, W/o. Babulal B.Jain, aged about 52 years, Sinecure, R/o. Plot No.44, 29 ward, M.J.Nagar, Hospet, Vijayanagara district.
3. Manish B.Jain, S/o. Babulal B.Jain, aged about 29 years, Business, R/o. Plot No.44, 29 ward, M.J.Nagar, Hospet, Vijayanagara district.
Whereas Decree-Holder filed above case against you for recovery of money and the Hon'ble Court issued cause notice to you through paper publication. Therefore you are hereby called upon to appear in person or through advocate duly instructed by you on 04/02/2025 at 11.00 'O' clock. Failing which the above case will be heard in your absence by placing you as Ex-parte.
Given under my hand and seal on 08/01/2025.
From,
Sri. G. Veerabhadrappa,
Sri. Seelavanthar Veeranna,
Sri. H.M.Vishveshwara,
Sri. Nataraj Akki,
Advocates, Hospet.
By order of the court
Shirasthedar
Hon'ble 1st ADDL Civil Judge
and JMFC Court, Hospet.
ನಗರಸಭಾ ಕಾರ್ಯಾಲಯ ಹೊಸಪೇಟೆ.
ಕ್ರಮಸಂಖ್ಯೆ/ನಗಸ/ಕಾಮಗಾರಿ/ಟಿ.ಡಿ/2024-25 ದಿನಾಂಕ:07.01.2025
ಟೆಂಡರಿಗಿಳಿಸಿದ್ದಾ (ಇ.ಪ್ರೋ.ಟಿ.) ಪ್ರಕಟಣೆ
(ಇ-ಪ್ರೊಕ್ಯೂರ್‌ಮೆಂಟ್ ಮುಖಾಂತರ)
2024-25ನೇ ಸಾಲಿನ ನಗರಸಭೆ ಸಾಮಾನ್ಯ ನಿಧಿಯಿಂದ ಈ ಕೆಳಗಿನ ಕಾಮಗಾರಿಗಾಗಿ ಟೆಂಡರ್‌ಗಳನ್ನು ಆಹ್ವಾನಿಸಲಾಗಿದೆ. ಕರ್ನಾಟಕ ಪೌರಸಭೆಗಳ ಅಧಿನಿಯಮ ಪ್ರಕಾರ ಆಸಕ್ತ ಗುತ್ತಿಗೆದಾರರು www.kppp.karnataka.gov.in ವೆಬ್‌ಸೈಟ್‌ನಲ್ಲಿ ಟೆಂಡರ್ ದಾಖಲೆಗಳನ್ನು ಪಡೆಯಬಹುದು.
1)ಟೆಂಡರ್‌ನ್ನು ಸ್ವೀಕರಿಸುವ ಕೊನೆಯ ದಿನಾಂಕ : 16.01.2025 ಸಮಯ 5.00
2)ತಾಂತ್ರಿಕ ಬಿಡ್ ತೆರೆಯುವ ದಿನಾಂಕ : 17.01.2025 ಸಮಯ 5.10
ಕಾಮಗಾರಿ ವಿವರ: DMA/2024-25/BD/WORK_INDENT5960 (SC/CALL-2. ಅಂದಾಜು ಮೊತ್ತ ರೂ: 5.20
ಸಹಿ/- ಪೌರಾಯುಕ್ತರು
ನಗರಸಭೆ, ಹೊಸಪೇಟೆ.
ವಾ.ಸಾ.ಸಂ/ವಿಜಯನಗರ/2024-25/ಡಿಐಪಿಆರ್/ಆರ್.ಓ/458
OWNER , PUBLISHER & PRINTER K. M. REKHA PUBLISHED AT HOSPET TIMES, APOORVA OFFSET PRINTERS , SACHIDANAND LANE , MAIN BAZAR , HOSAPETE , BALLARI & PRINTED AT APOORVA OFFSET PRINTERS ,
SACHIDANAND LANE , MAIN BAZAR , HOSAPETE , BALLARI , EDITOR K. M. REKHA. EMAIL : hospettimes@gmail.com, Mob No 94484 41484.
